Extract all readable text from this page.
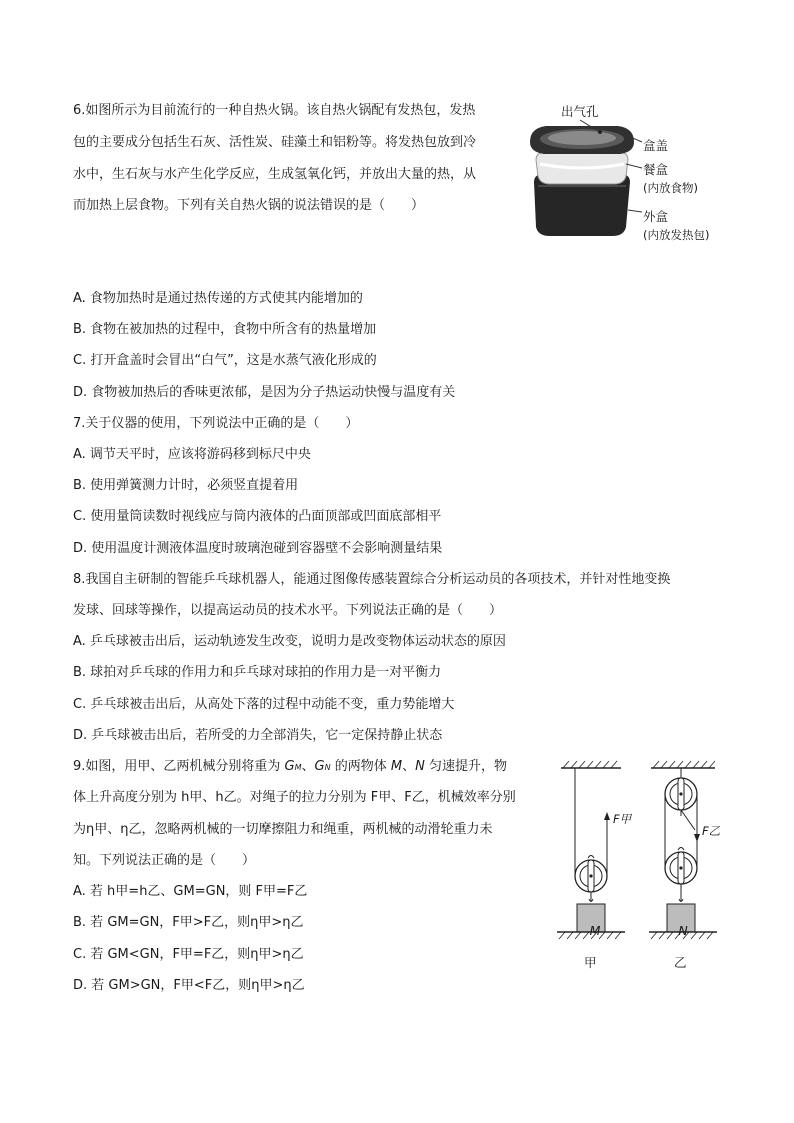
6.如图所示为目前流行的一种自热火锅。该自热火锅配有发热包，发热
包的主要成分包括生石灰、活性炭、硅藻土和铝粉等。将发热包放到冷
水中，生石灰与水产生化学反应，生成氢氧化钙，并放出大量的热，从
而加热上层食物。下列有关自热火锅的说法错误的是（　　）
出气孔
盒盖
餐盒
(内放食物)
外盒
(内放发热包)
A. 食物加热时是通过热传递的方式使其内能增加的
B. 食物在被加热的过程中，食物中所含有的热量增加
C. 打开盒盖时会冒出“白气”，这是水蒸气液化形成的
D. 食物被加热后的香味更浓郁，是因为分子热运动快慢与温度有关
7.关于仪器的使用，下列说法中正确的是（　　）
A. 调节天平时，应该将游码移到标尺中央
B. 使用弹簧测力计时，必须竖直提着用
C. 使用量筒读数时视线应与筒内液体的凸面顶部或凹面底部相平
D. 使用温度计测液体温度时玻璃泡碰到容器壁不会影响测量结果
8.我国自主研制的智能乒乓球机器人，能通过图像传感装置综合分析运动员的各项技术，并针对性地变换
发球、回球等操作，以提高运动员的技术水平。下列说法正确的是（　　）
A. 乒乓球被击出后，运动轨迹发生改变，说明力是改变物体运动状态的原因
B. 球拍对乒乓球的作用力和乒乓球对球拍的作用力是一对平衡力
C. 乒乓球被击出后，从高处下落的过程中动能不变，重力势能增大
D. 乒乓球被击出后，若所受的力全部消失，它一定保持静止状态
9.如图，用甲、乙两机械分别将重为 GM、GN 的两物体 M、N 匀速提升，物
体上升高度分别为 h甲、h乙。对绳子的拉力分别为 F甲、F乙，机械效率分别
为η甲、η乙，忽略两机械的一切摩擦阻力和绳重，两机械的动滑轮重力未
知。下列说法正确的是（　　）
A. 若 h甲=h乙、GM=GN，则 F甲=F乙
B. 若 GM=GN，F甲>F乙，则η甲>η乙
C. 若 GM<GN，F甲=F乙，则η甲>η乙
D. 若 GM>GN，F甲<F乙，则η甲>η乙
F甲
F乙
M	N
甲	乙
